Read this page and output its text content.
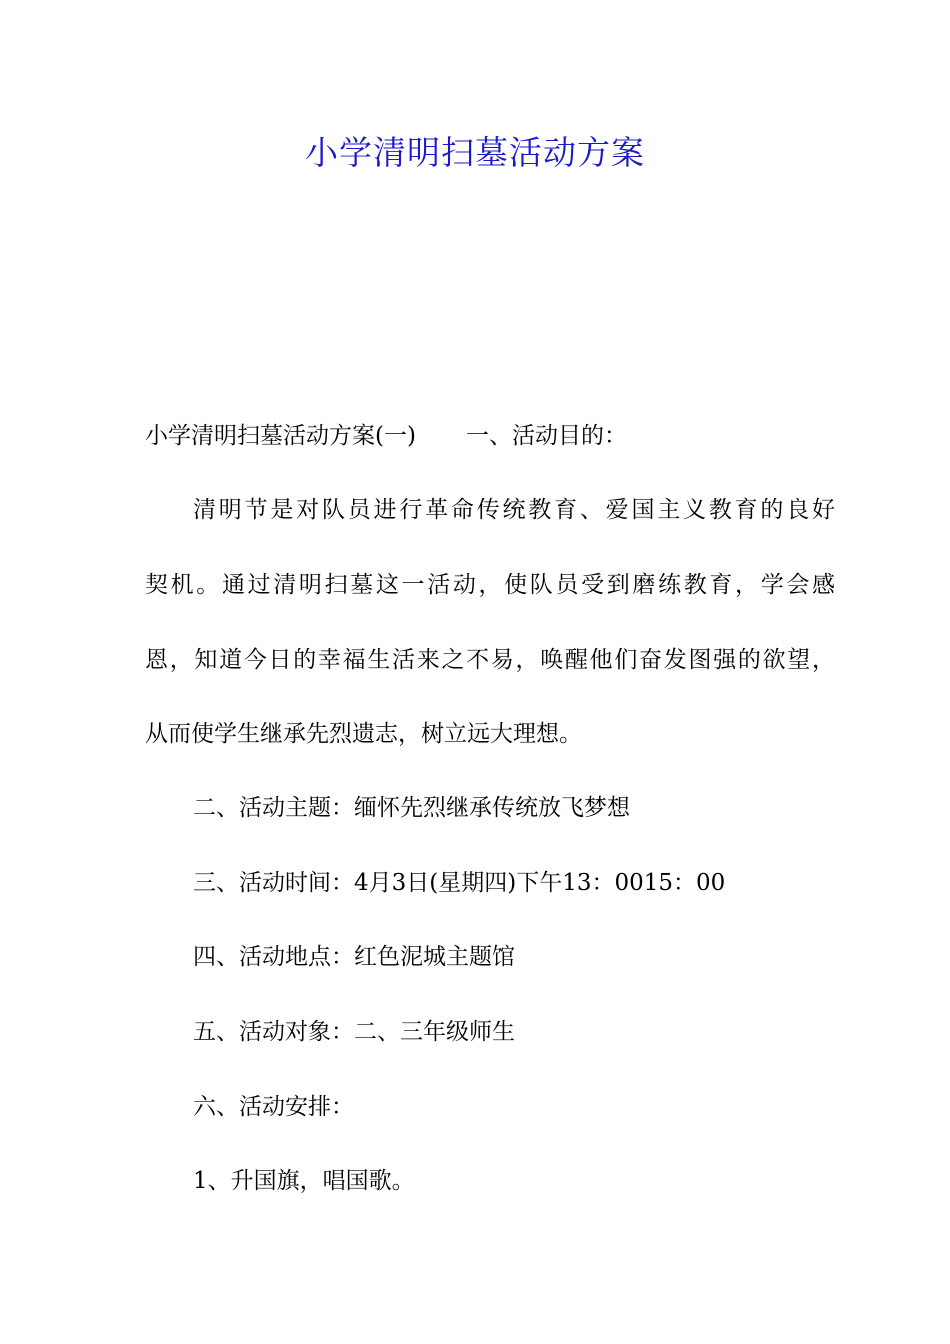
小学清明扫墓活动方案
小学清明扫墓活动方案(一) 一、活动目的：
清明节是对队员进行革命传统教育、爱国主义教育的良好
契机。通过清明扫墓这一活动，使队员受到磨练教育，学会感
恩，知道今日的幸福生活来之不易，唤醒他们奋发图强的欲望，
从而使学生继承先烈遗志，树立远大理想。
二、活动主题：缅怀先烈继承传统放飞梦想
三、活动时间：4月3日(星期四)下午13：0015：00
四、活动地点：红色泥城主题馆
五、活动对象：二、三年级师生
六、活动安排：
1、升国旗，唱国歌。
